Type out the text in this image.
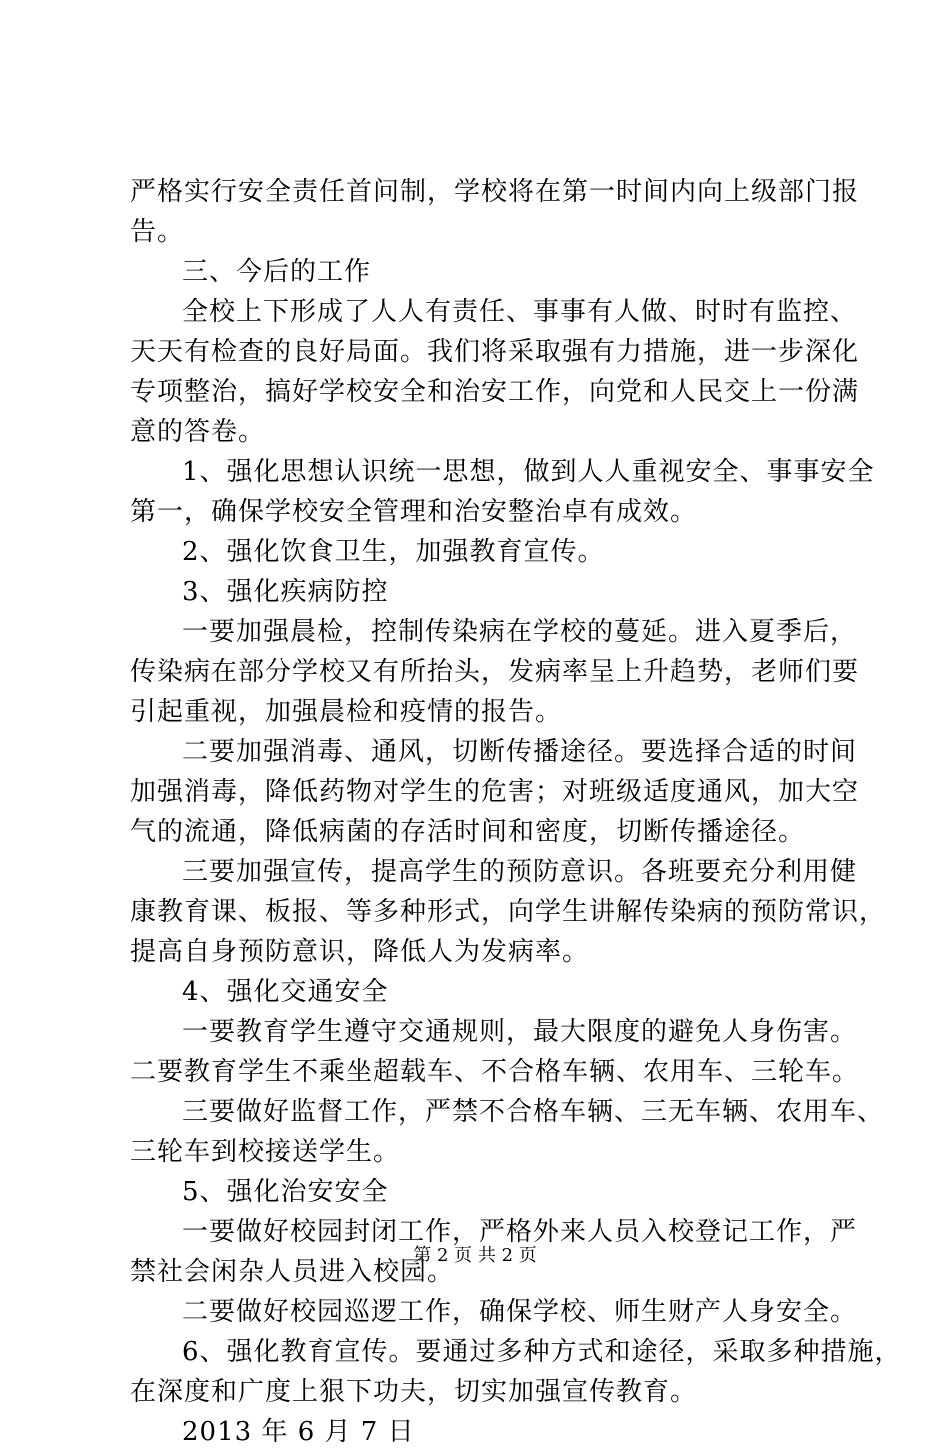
严格实行安全责任首问制，学校将在第一时间内向上级部门报
告。
三、今后的工作
全校上下形成了人人有责任、事事有人做、时时有监控、
天天有检查的良好局面。我们将采取强有力措施，进一步深化
专项整治，搞好学校安全和治安工作，向党和人民交上一份满
意的答卷。
1、强化思想认识统一思想，做到人人重视安全、事事安全
第一，确保学校安全管理和治安整治卓有成效。
2、强化饮食卫生，加强教育宣传。
3、强化疾病防控
一要加强晨检，控制传染病在学校的蔓延。进入夏季后，
传染病在部分学校又有所抬头，发病率呈上升趋势，老师们要
引起重视，加强晨检和疫情的报告。
二要加强消毒、通风，切断传播途径。要选择合适的时间
加强消毒，降低药物对学生的危害；对班级适度通风，加大空
气的流通，降低病菌的存活时间和密度，切断传播途径。
三要加强宣传，提高学生的预防意识。各班要充分利用健
康教育课、板报、等多种形式，向学生讲解传染病的预防常识，
提高自身预防意识，降低人为发病率。
4、强化交通安全
一要教育学生遵守交通规则，最大限度的避免人身伤害。
二要教育学生不乘坐超载车、不合格车辆、农用车、三轮车。
三要做好监督工作，严禁不合格车辆、三无车辆、农用车、
三轮车到校接送学生。
5、强化治安安全
一要做好校园封闭工作，严格外来人员入校登记工作，严
禁社会闲杂人员进入校园。
二要做好校园巡逻工作，确保学校、师生财产人身安全。
6、强化教育宣传。要通过多种方式和途径，采取多种措施，
在深度和广度上狠下功夫，切实加强宣传教育。
2013 年 6 月 7 日
第 2 页 共 2 页
